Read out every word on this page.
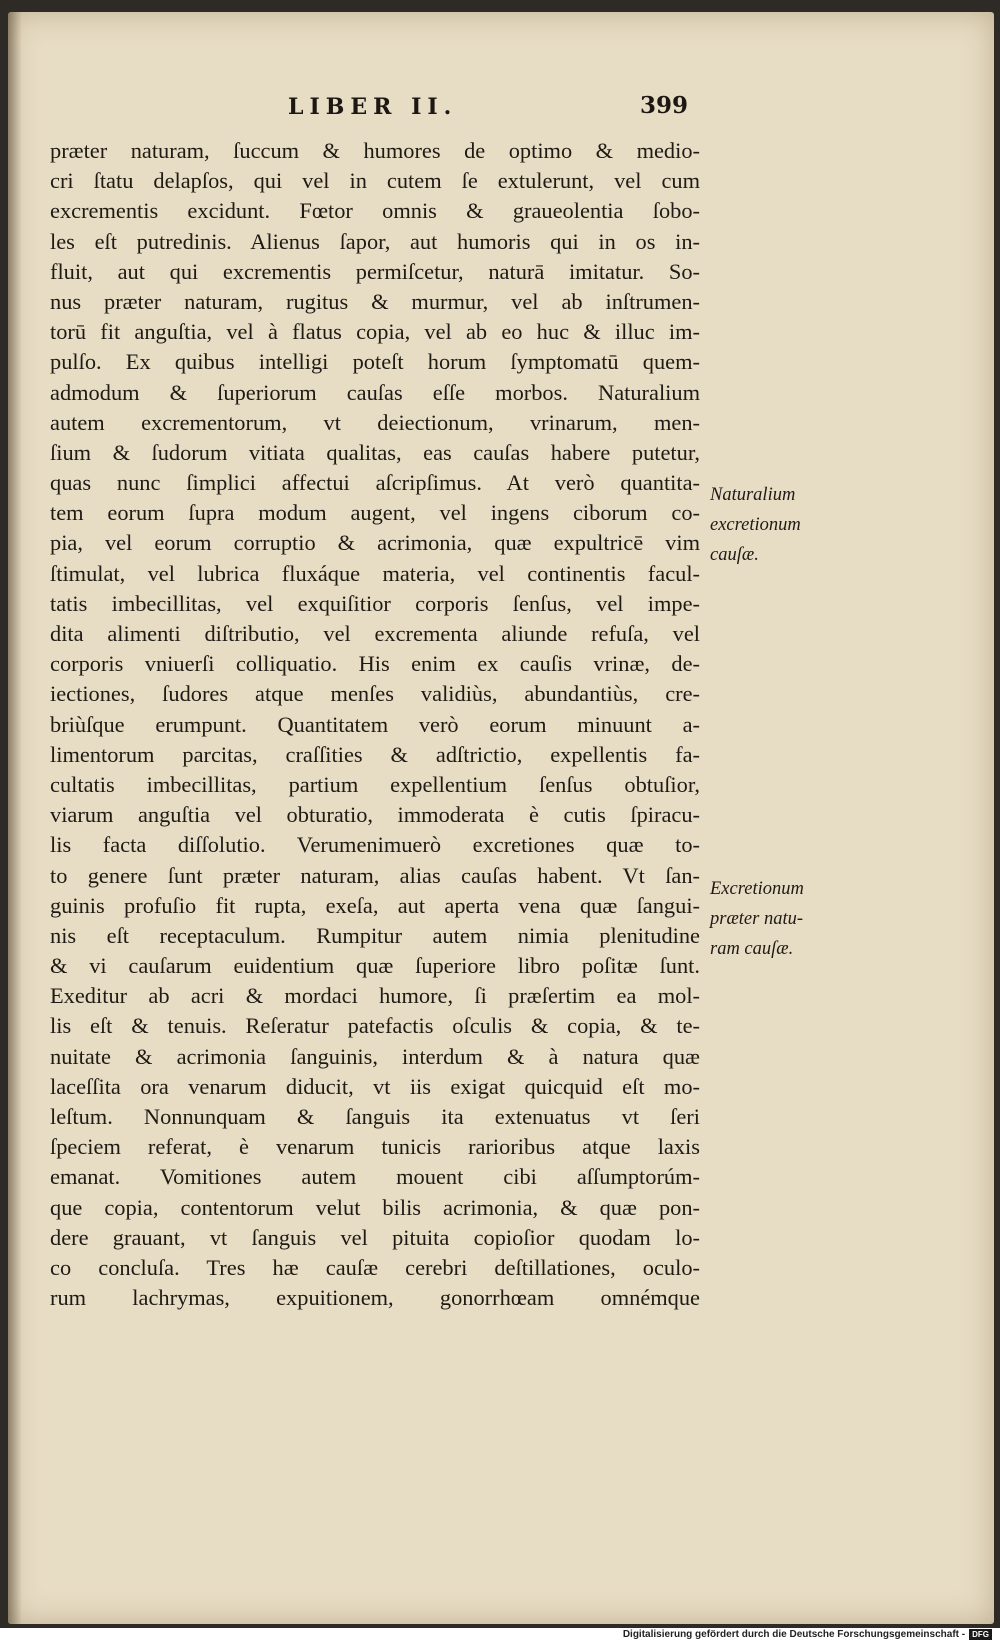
LIBER II.	399
præter naturam, ſuccum & humores de optimo & medio-
cri ſtatu delapſos, qui vel in cutem ſe extulerunt, vel cum
excrementis excidunt. Fœtor omnis & graueolentia ſobo-
les eſt putredinis. Alienus ſapor, aut humoris qui in os in-
fluit, aut qui excrementis permiſcetur, naturā imitatur. So-
nus præter naturam, rugitus & murmur, vel ab inſtrumen-
torū fit anguſtia, vel à flatus copia, vel ab eo huc & illuc im-
pulſo. Ex quibus intelligi poteſt horum ſymptomatū quem-
admodum & ſuperiorum cauſas eſſe morbos. Naturalium
autem excrementorum, vt deiectionum, vrinarum, men-
ſium & ſudorum vitiata qualitas, eas cauſas habere putetur,
quas nunc ſimplici affectui aſcripſimus. At verò quantita-
tem eorum ſupra modum augent, vel ingens ciborum co-
pia, vel eorum corruptio & acrimonia, quæ expultricē vim
ſtimulat, vel lubrica fluxáque materia, vel continentis facul-
tatis imbecillitas, vel exquiſitior corporis ſenſus, vel impe-
dita alimenti diſtributio, vel excrementa aliunde refuſa, vel
corporis vniuerſi colliquatio. His enim ex cauſis vrinæ, de-
iectiones, ſudores atque menſes validiùs, abundantiùs, cre-
briùſque erumpunt. Quantitatem verò eorum minuunt a-
limentorum parcitas, craſſities & adſtrictio, expellentis fa-
cultatis imbecillitas, partium expellentium ſenſus obtuſior,
viarum anguſtia vel obturatio, immoderata è cutis ſpiracu-
lis facta diſſolutio. Verumenimuerò excretiones quæ to-
to genere ſunt præter naturam, alias cauſas habent. Vt ſan-
guinis profuſio fit rupta, exeſa, aut aperta vena quæ ſangui-
nis eſt receptaculum. Rumpitur autem nimia plenitudine
& vi cauſarum euidentium quæ ſuperiore libro poſitæ ſunt.
Exeditur ab acri & mordaci humore, ſi præſertim ea mol-
lis eſt & tenuis. Reſeratur patefactis oſculis & copia, & te-
nuitate & acrimonia ſanguinis, interdum & à natura quæ
laceſſita ora venarum diducit, vt iis exigat quicquid eſt mo-
leſtum. Nonnunquam & ſanguis ita extenuatus vt ſeri
ſpeciem referat, è venarum tunicis rarioribus atque laxis
emanat. Vomitiones autem mouent cibi aſſumptorúm-
que copia, contentorum velut bilis acrimonia, & quæ pon-
dere grauant, vt ſanguis vel pituita copioſior quodam lo-
co concluſa. Tres hæ cauſæ cerebri deſtillationes, oculo-
rum lachrymas, expuitionem, gonorrhœam omnémque
Naturalium
excretionum
cauſæ.
Excretionum
præter natu-
ram cauſæ.
Digitalisierung gefördert durch die Deutsche Forschungsgemeinschaft - DFG
